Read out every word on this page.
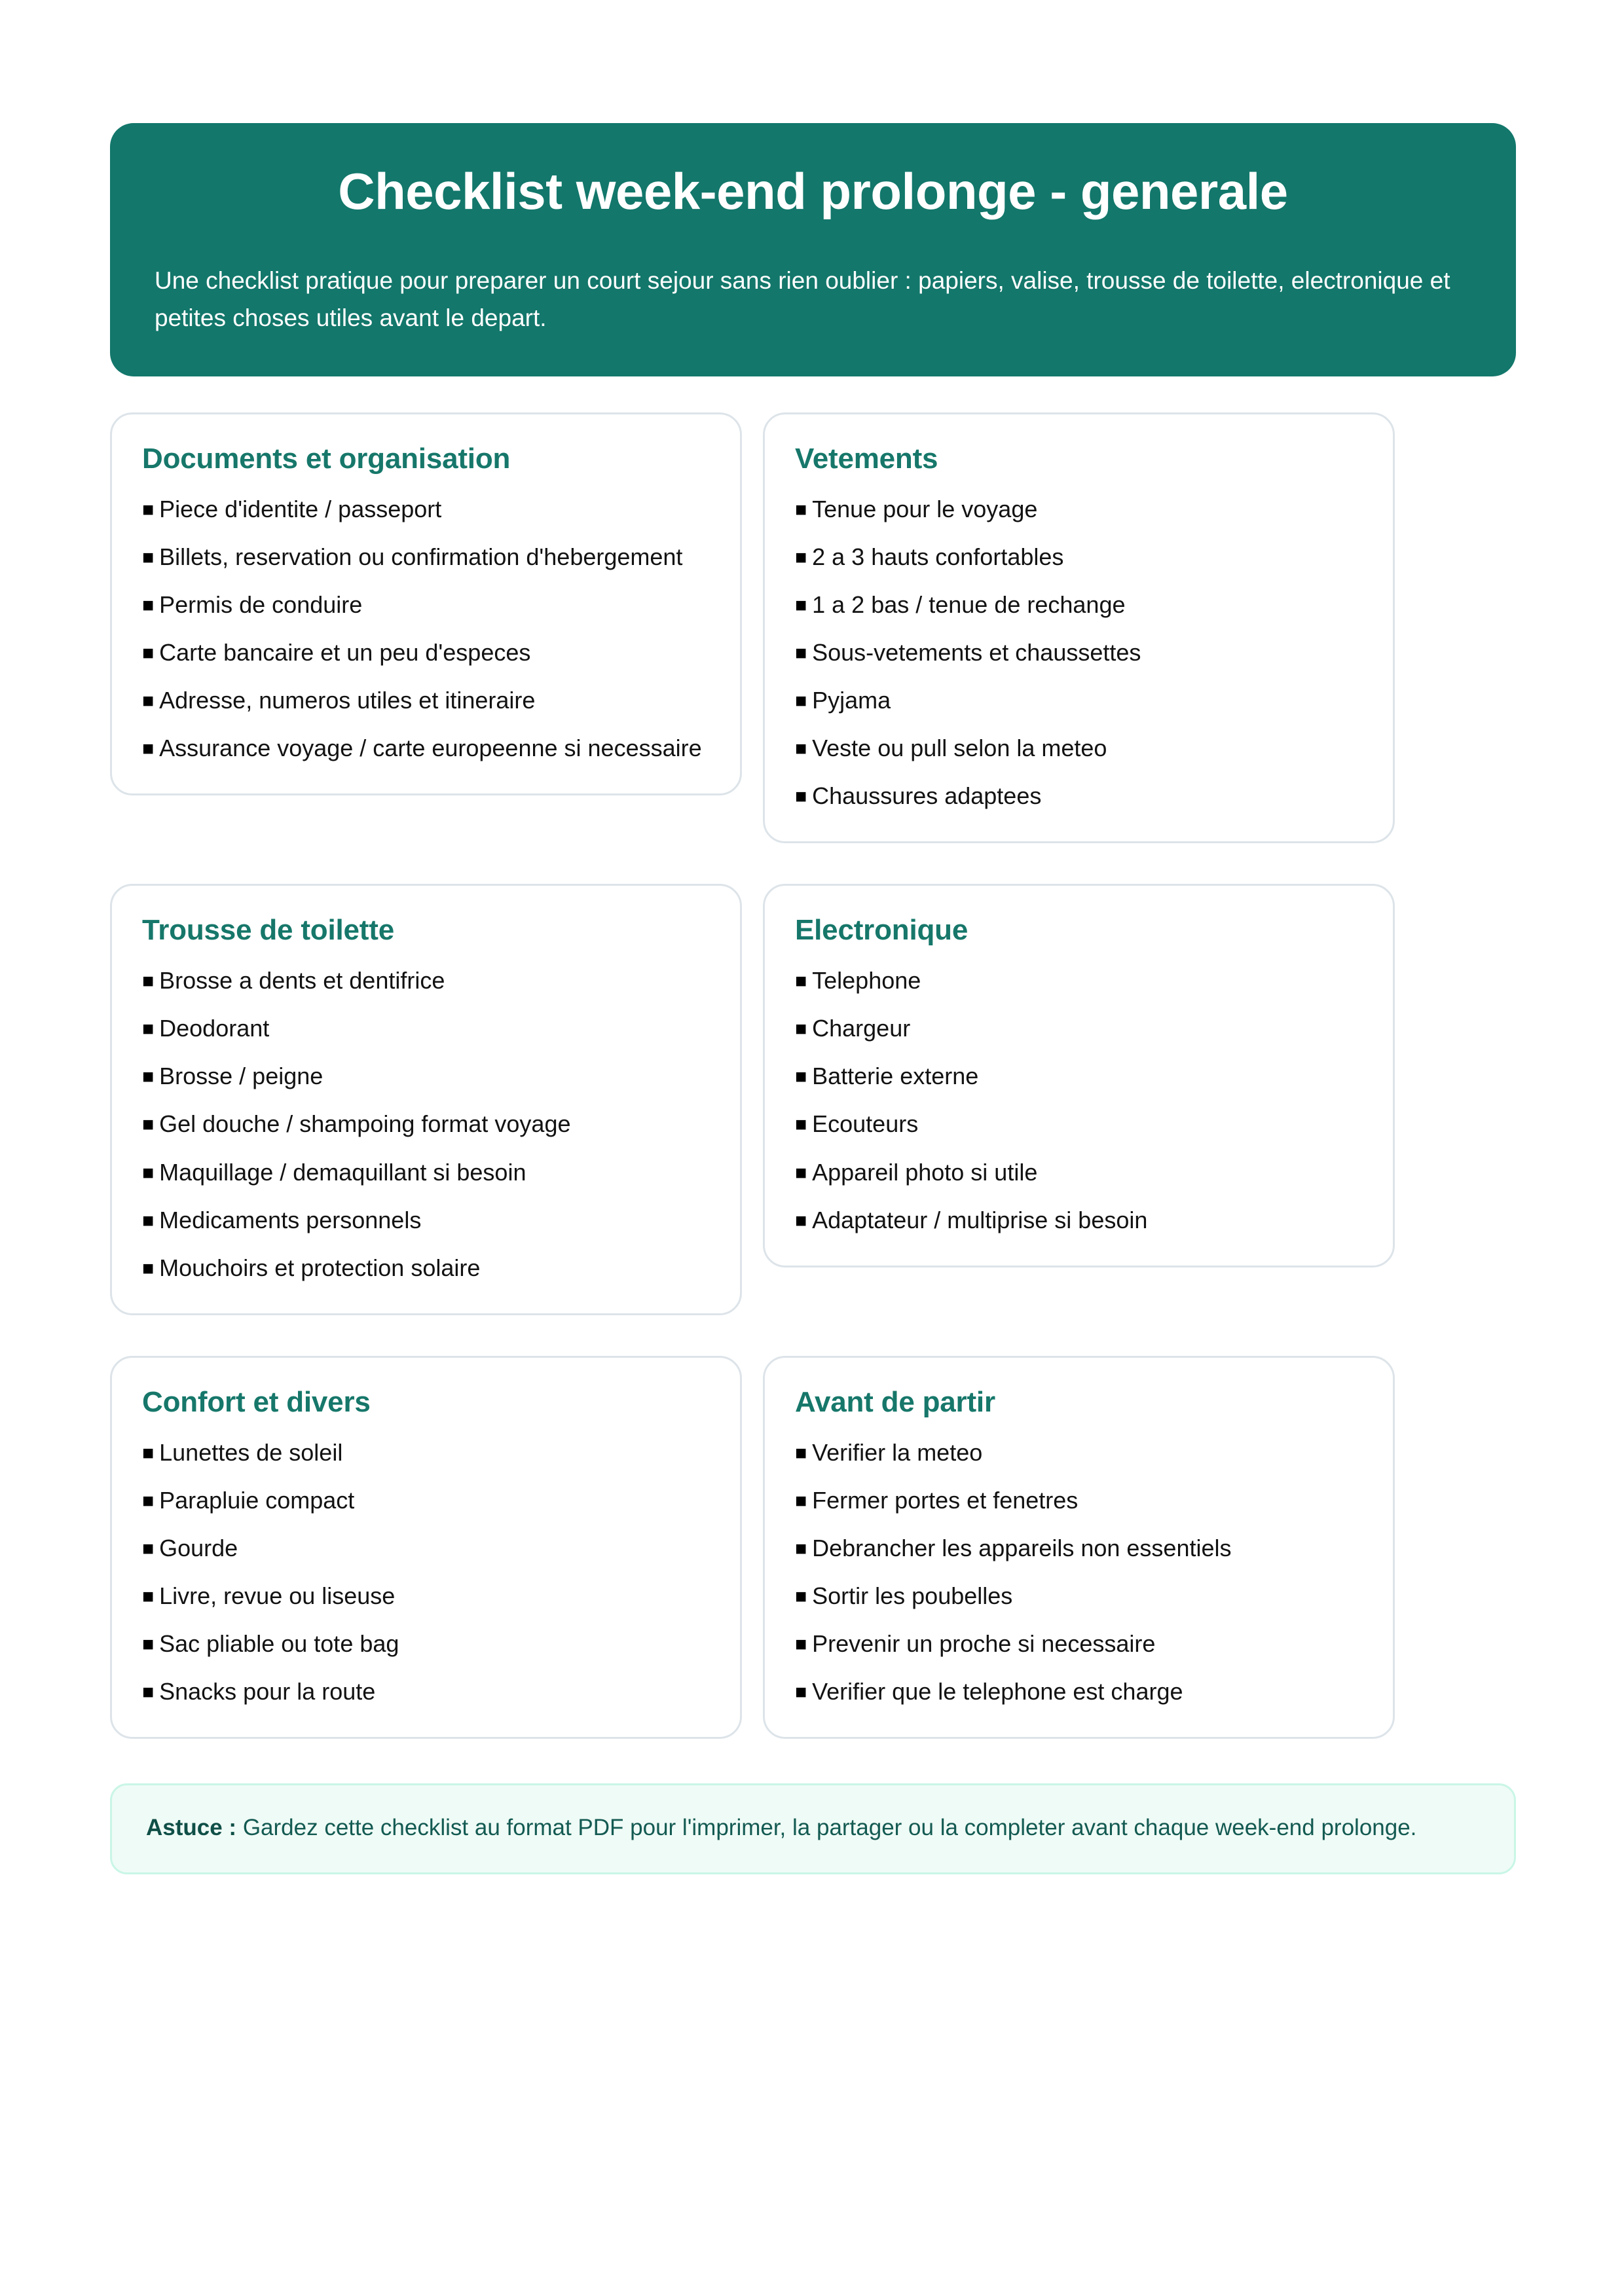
Checklist week-end prolonge - generale

Une checklist pratique pour preparer un court sejour sans rien oublier : papiers, valise, trousse de toilette, electronique et petites choses utiles avant le depart.

Documents et organisation
■ Piece d'identite / passeport
■ Billets, reservation ou confirmation d'hebergement
■ Permis de conduire
■ Carte bancaire et un peu d'especes
■ Adresse, numeros utiles et itineraire
■ Assurance voyage / carte europeenne si necessaire
Vetements
■ Tenue pour le voyage
■ 2 a 3 hauts confortables
■ 1 a 2 bas / tenue de rechange
■ Sous-vetements et chaussettes
■ Pyjama
■ Veste ou pull selon la meteo
■ Chaussures adaptees
Trousse de toilette
■ Brosse a dents et dentifrice
■ Deodorant
■ Brosse / peigne
■ Gel douche / shampoing format voyage
■ Maquillage / demaquillant si besoin
■ Medicaments personnels
■ Mouchoirs et protection solaire
Electronique
■ Telephone
■ Chargeur
■ Batterie externe
■ Ecouteurs
■ Appareil photo si utile
■ Adaptateur / multiprise si besoin
Confort et divers
■ Lunettes de soleil
■ Parapluie compact
■ Gourde
■ Livre, revue ou liseuse
■ Sac pliable ou tote bag
■ Snacks pour la route
Avant de partir
■ Verifier la meteo
■ Fermer portes et fenetres
■ Debrancher les appareils non essentiels
■ Sortir les poubelles
■ Prevenir un proche si necessaire
■ Verifier que le telephone est charge

Astuce : Gardez cette checklist au format PDF pour l'imprimer, la partager ou la completer avant chaque week-end prolonge.
